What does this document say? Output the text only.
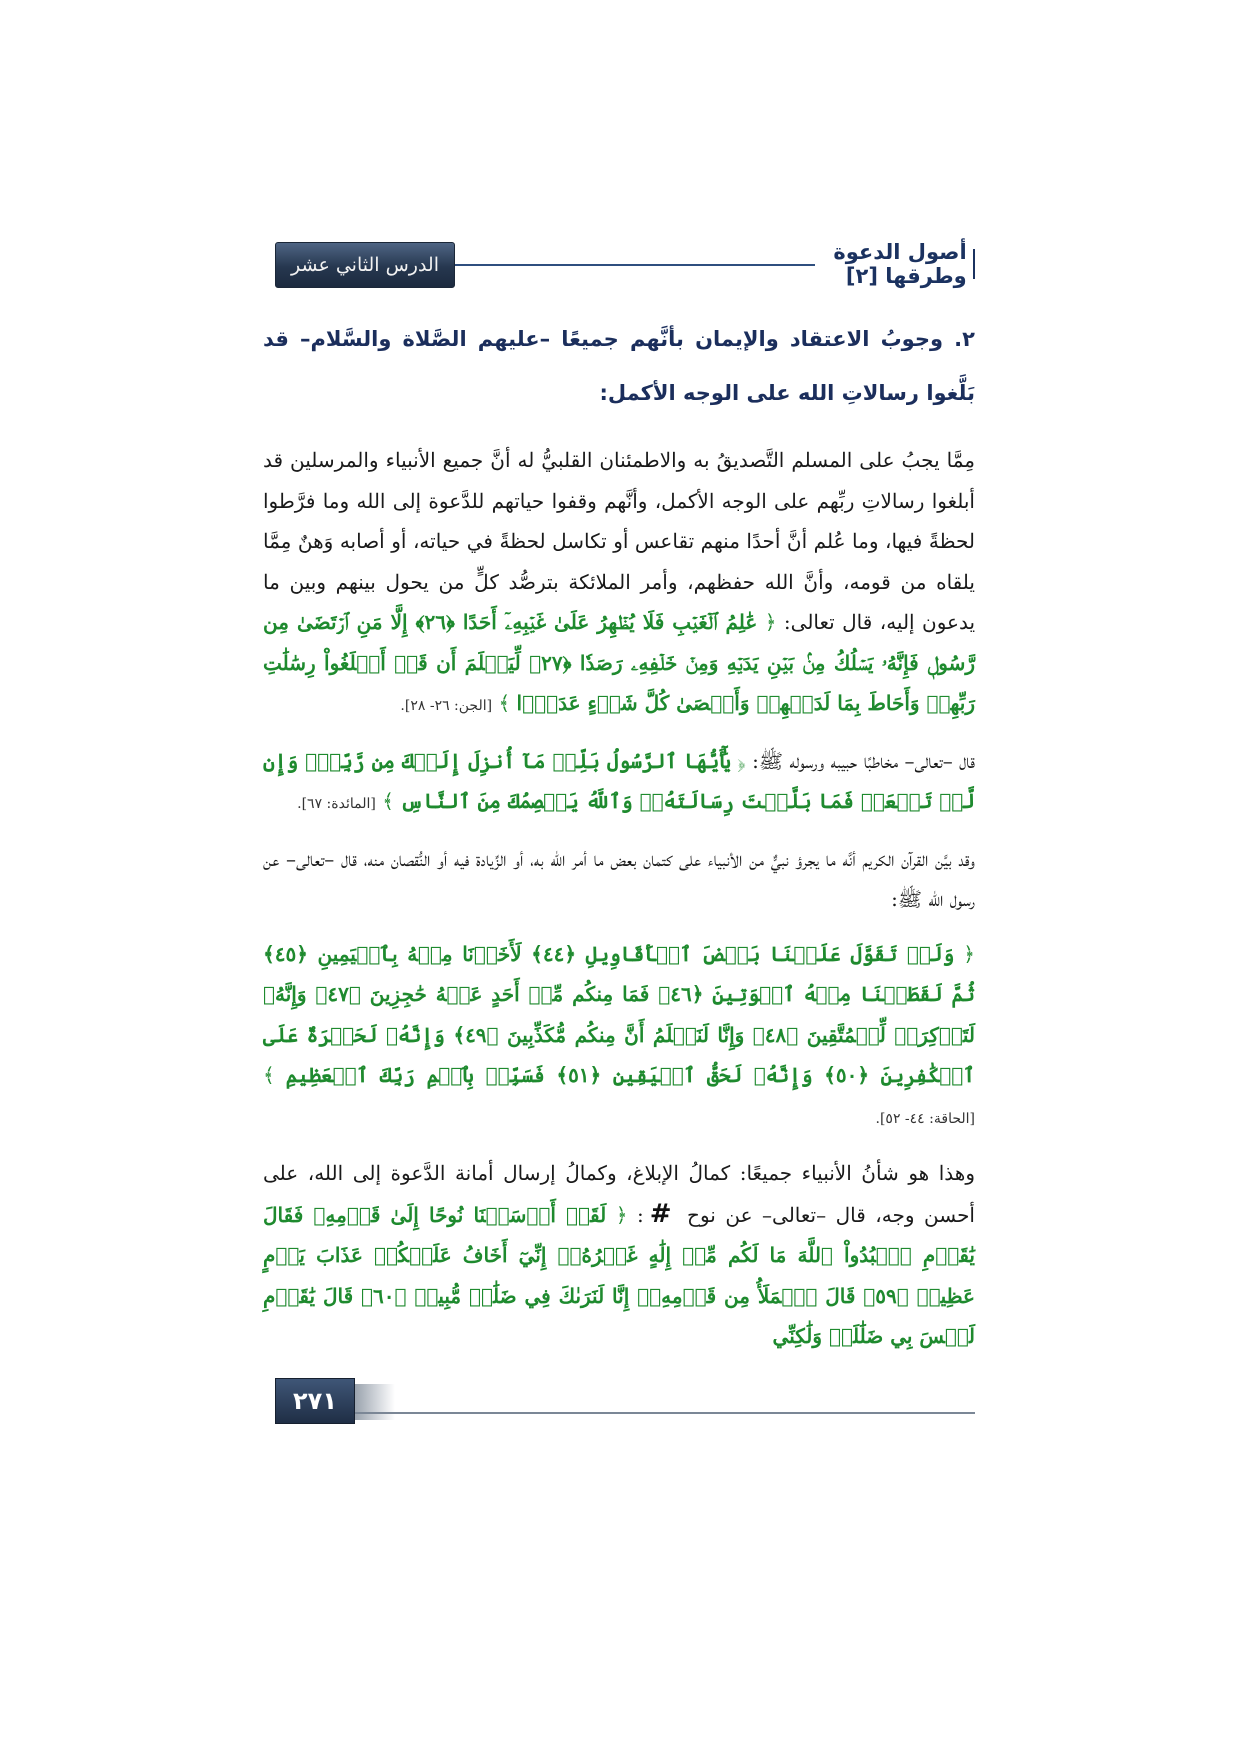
الدرس الثاني عشر
أصول الدعوة وطرقها [٢]
٢. وجوبُ الاعتقاد والإيمان بأنَّهم جميعًا –عليهم الصَّلاة والسَّلام– قد بَلَّغوا رسالاتِ الله على الوجه الأكمل:

مِمَّا يجبُ على المسلم التَّصديقُ به والاطمئنان القلبيُّ له أنَّ جميع الأنبياء والمرسلين قد أبلغوا رسالاتِ ربِّهم على الوجه الأكمل، وأنَّهم وقفوا حياتهم للدَّعوة إلى الله وما فرَّطوا لحظةً فيها، وما عُلم أنَّ أحدًا منهم تقاعس أو تكاسل لحظةً في حياته، أو أصابه وَهنٌ مِمَّا يلقاه من قومه، وأنَّ الله حفظهم، وأمر الملائكة بترصُّد كلٍّ من يحول بينهم وبين ما يدعون إليه، قال تعالى: ﴿ عَٰلِمُ ٱلۡغَيۡبِ فَلَا يُظۡهِرُ عَلَىٰ غَيۡبِهِۦٓ أَحَدًا ﴿٢٦﴾ إِلَّا مَنِ ٱرۡتَضَىٰ مِن رَّسُولٖ فَإِنَّهُۥ يَسۡلُكُ مِنۢ بَيۡنِ يَدَيۡهِ وَمِنۡ خَلۡفِهِۦ رَصَدٗا ﴿٢٧﴾ لِّيَعۡلَمَ أَن قَدۡ أَبۡلَغُواْ رِسَٰلَٰتِ رَبِّهِمۡ وَأَحَاطَ بِمَا لَدَيۡهِمۡ وَأَحۡصَىٰ كُلَّ شَيۡءٍ عَدَدَۢا ﴾ [الجن: ٢٦- ٢٨].

قال –تعالى– مخاطبًا حبيبه ورسوله ﷺ: ﴿ يَٰٓأَيُّهَا ٱلرَّسُولُ بَلِّغۡ مَآ أُنزِلَ إِلَيۡكَ مِن رَّبِّكَۖ وَإِن لَّمۡ تَفۡعَلۡ فَمَا بَلَّغۡتَ رِسَالَتَهُۥۚ وَٱللَّهُ يَعۡصِمُكَ مِنَ ٱلنَّاسِ ﴾ [المائدة: ٦٧].

وقد بيَّن القرآن الكريم أنَّه ما يجرؤ نبيٌّ من الأنبياء على كتمان بعض ما أمر الله به، أو الزِّيادة فيه أو النُّقصان منه، قال –تعالى– عن رسول الله ﷺ:

﴿ وَلَوۡ تَقَوَّلَ عَلَيۡنَا بَعۡضَ ٱلۡأَقَاوِيلِ ﴿٤٤﴾ لَأَخَذۡنَا مِنۡهُ بِٱلۡيَمِينِ ﴿٤٥﴾ ثُمَّ لَقَطَعۡنَا مِنۡهُ ٱلۡوَتِينَ ﴿٤٦﴾ فَمَا مِنكُم مِّنۡ أَحَدٍ عَنۡهُ حَٰجِزِينَ ﴿٤٧﴾ وَإِنَّهُۥ لَتَذۡكِرَةٞ لِّلۡمُتَّقِينَ ﴿٤٨﴾ وَإِنَّا لَنَعۡلَمُ أَنَّ مِنكُم مُّكَذِّبِينَ ﴿٤٩﴾ وَإِنَّهُۥ لَحَسۡرَةٌ عَلَى ٱلۡكَٰفِرِينَ ﴿٥٠﴾ وَإِنَّهُۥ لَحَقُّ ٱلۡيَقِينِ ﴿٥١﴾ فَسَبِّحۡ بِٱسۡمِ رَبِّكَ ٱلۡعَظِيمِ ﴾ [الحاقة: ٤٤- ٥٢].

وهذا هو شأنُ الأنبياء جميعًا: كمالُ الإبلاغ، وكمالُ إرسال أمانة الدَّعوة إلى الله، على أحسن وجه، قال –تعالى– عن نوح #: ﴿ لَقَدۡ أَرۡسَلۡنَا نُوحًا إِلَىٰ قَوۡمِهِۦ فَقَالَ يَٰقَوۡمِ ٱعۡبُدُواْ ٱللَّهَ مَا لَكُم مِّنۡ إِلَٰهٍ غَيۡرُهُۥٓ إِنِّيٓ أَخَافُ عَلَيۡكُمۡ عَذَابَ يَوۡمٍ عَظِيمٖ ﴿٥٩﴾ قَالَ ٱلۡمَلَأُ مِن قَوۡمِهِۦٓ إِنَّا لَنَرَىٰكَ فِي ضَلَٰلٖ مُّبِينٖ ﴿٦٠﴾ قَالَ يَٰقَوۡمِ لَيۡسَ بِي ضَلَٰلَةٞ وَلَٰكِنِّي

٢٧١
